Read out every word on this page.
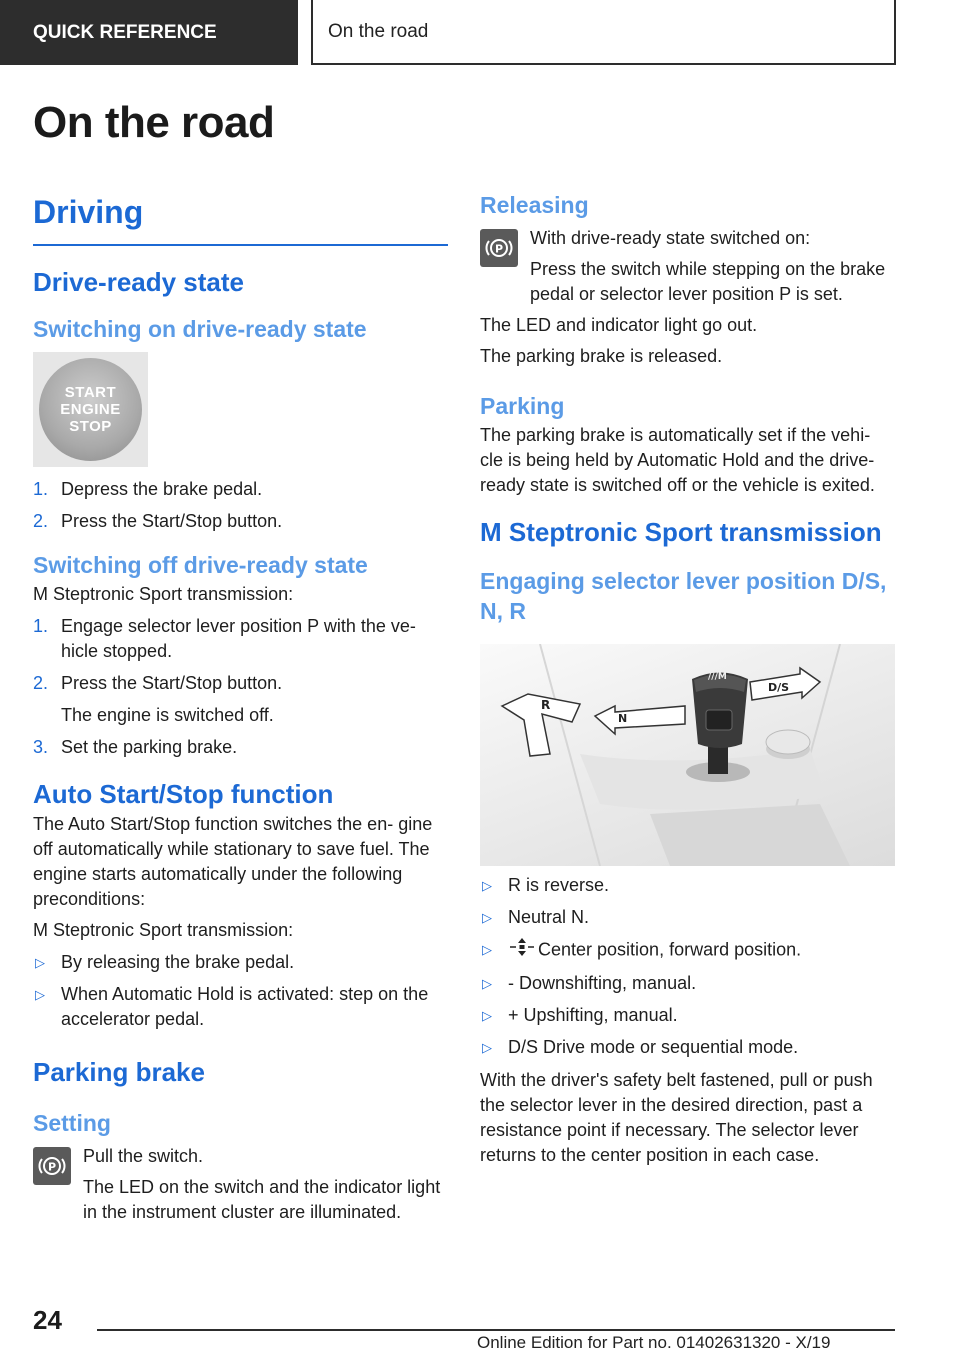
QUICK REFERENCE	On the road
On the road
Driving
Drive-ready state
Switching on drive-ready state
START
ENGINE
STOP
1. Depress the brake pedal.
2. Press the Start/Stop button.
Switching off drive-ready state

M Steptronic Sport transmission:

1. Engage selector lever position P with the ve‐ hicle stopped.
2. Press the Start/Stop button.
The engine is switched off.
3. Set the parking brake.
Auto Start/Stop function

The Auto Start/Stop function switches the en‐ gine off automatically while stationary to save fuel. The engine starts automatically under the following preconditions:

M Steptronic Sport transmission:

▷ By releasing the brake pedal.
▷ When Automatic Hold is activated: step on the accelerator pedal.
Parking brake
Setting
P

Pull the switch.

The LED on the switch and the indicator light in the instrument cluster are illuminated.

Releasing
P

With drive-ready state switched on:

Press the switch while stepping on the brake pedal or selector lever position P is set.

The LED and indicator light go out.

The parking brake is released.

Parking

The parking brake is automatically set if the vehi‐ cle is being held by Automatic Hold and the drive-ready state is switched off or the vehicle is exited.

M Steptronic Sport transmission
Engaging selector lever position D/S, N, R
R
N
D/S
///M
▷ R is reverse.
▷ Neutral N.
▷	Center position, forward position.
▷ - Downshifting, manual.
▷ + Upshifting, manual.
▷ D/S Drive mode or sequential mode.

With the driver's safety belt fastened, pull or push the selector lever in the desired direction, past a resistance point if necessary. The selector lever returns to the center position in each case.

24
Online Edition for Part no. 01402631320 - X/19
